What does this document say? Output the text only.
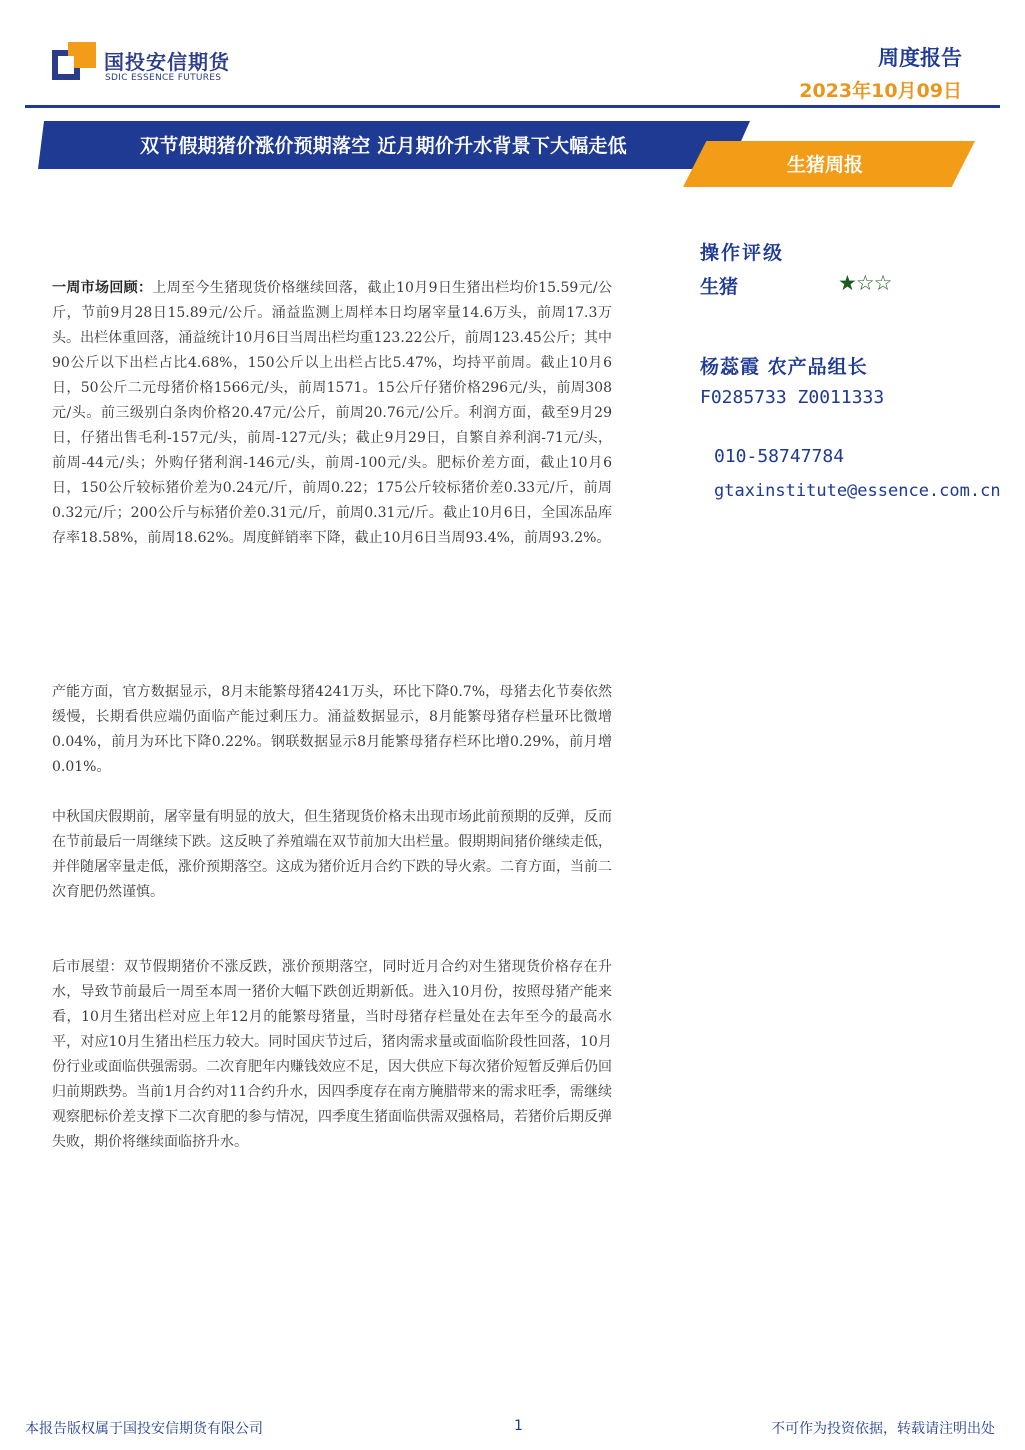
国投安信期货
SDIC ESSENCE FUTURES
周度报告
2023年10月09日
双节假期猪价涨价预期落空 近月期价升水背景下大幅走低
生猪周报
一周市场回顾：上周至今生猪现货价格继续回落，截止10月9日生猪出栏均价15.59元/公斤，节前9月28日15.89元/公斤。涌益监测上周样本日均屠宰量14.6万头，前周17.3万头。出栏体重回落，涌益统计10月6日当周出栏均重123.22公斤，前周123.45公斤；其中90公斤以下出栏占比4.68%，150公斤以上出栏占比5.47%，均持平前周。截止10月6日，50公斤二元母猪价格1566元/头，前周1571。15公斤仔猪价格296元/头，前周308元/头。前三级别白条肉价格20.47元/公斤，前周20.76元/公斤。利润方面，截至9月29日，仔猪出售毛利-157元/头，前周-127元/头；截止9月29日，自繁自养利润-71元/头，前周-44元/头；外购仔猪利润-146元/头，前周-100元/头。肥标价差方面，截止10月6日，150公斤较标猪价差为0.24元/斤，前周0.22；175公斤较标猪价差0.33元/斤，前周0.32元/斤；200公斤与标猪价差0.31元/斤，前周0.31元/斤。截止10月6日，全国冻品库存率18.58%，前周18.62%。周度鲜销率下降，截止10月6日当周93.4%，前周93.2%。
产能方面，官方数据显示，8月末能繁母猪4241万头，环比下降0.7%，母猪去化节奏依然缓慢，长期看供应端仍面临产能过剩压力。涌益数据显示，8月能繁母猪存栏量环比微增0.04%，前月为环比下降0.22%。钢联数据显示8月能繁母猪存栏环比增0.29%，前月增0.01%。
中秋国庆假期前，屠宰量有明显的放大，但生猪现货价格未出现市场此前预期的反弹，反而在节前最后一周继续下跌。这反映了养殖端在双节前加大出栏量。假期期间猪价继续走低，并伴随屠宰量走低，涨价预期落空。这成为猪价近月合约下跌的导火索。二育方面，当前二次育肥仍然谨慎。
后市展望：双节假期猪价不涨反跌，涨价预期落空，同时近月合约对生猪现货价格存在升水，导致节前最后一周至本周一猪价大幅下跌创近期新低。进入10月份，按照母猪产能来看，10月生猪出栏对应上年12月的能繁母猪量，当时母猪存栏量处在去年至今的最高水平，对应10月生猪出栏压力较大。同时国庆节过后，猪肉需求量或面临阶段性回落，10月份行业或面临供强需弱。二次育肥年内赚钱效应不足，因大供应下每次猪价短暂反弹后仍回归前期跌势。当前1月合约对11合约升水，因四季度存在南方腌腊带来的需求旺季，需继续观察肥标价差支撑下二次育肥的参与情况，四季度生猪面临供需双强格局，若猪价后期反弹失败，期价将继续面临挤升水。
操作评级
生猪	★☆☆
杨蕊霞 农产品组长
F0285733 Z0011333
010-58747784
gtaxinstitute@essence.com.cn
本报告版权属于国投安信期货有限公司	1	不可作为投资依据，转载请注明出处
